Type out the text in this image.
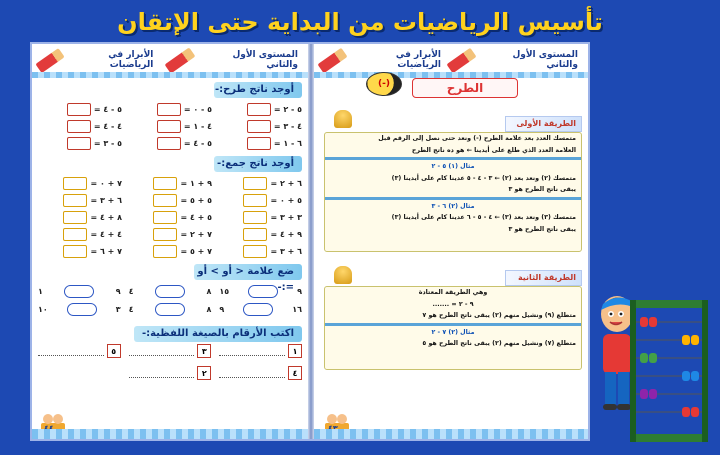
تأسيس الرياضيات من البداية حتى الإتقان
المستوى الأول والثاني
الأبرار في الرياضيات
أوجد ناتج طرح:-
٥ - ٢ =
٥ - ٠ =
٥ - ٤ =
٤ - ٣ =
٤ - ١ =
٤ - ٤ =
٦ - ١ =
٥ - ٤ =
٥ - ٣ =
أوجد ناتج جمع:-
٦ + ٢ =
٩ + ١ =
٧ + ٠ =
٥ + ٠ =
٥ + ٥ =
٦ + ٣ =
٣ + ٣ =
٥ + ٤ =
٨ + ٤ =
٩ + ٤ =
٧ + ٢ =
٤ + ٤ =
٦ + ٣ =
٧ + ٥ =
٧ + ٦ =
ضع علامة < أو > أو =:- ٩
١٥
٨
٤
٩
١
١٦
٩
٨
٤
٣
١٠
اكتب الأرقام بالصيغة اللفظية:-
١
٣
٥
٤
٢
المستوى الأول والثاني
الأبرار في الرياضيات
(-)	الطرح
الطريقة الأولى
متمسك العدد بعد علامة الطرح (-) ونعد حتى نصل إلى الرقم قبل
العلامة العدد الذي طلع على أيدينا ← هو ده ناتج الطرح
مثال (١) ٥ - ٢
متمسك (٢) ونعد بعد (٢) ← ٣ - ٤ - ٥ عدينا كام على أيدينا (٣)
يبقى ناتج الطرح هو ٣
مثال (٢) ٦ - ٣
متمسك (٣) ونعد بعد (٣) ← ٤ - ٥ - ٦ عدينا كام على أيدينا (٣)
يبقى ناتج الطرح هو ٣
الطريقة الثانية
وهي الطريقة المعتادة
٩ - ٢ = .......
متطلع (٩) ونشيل منهم (٢) يبقى ناتج الطرح هو ٧
مثال (٢) ٧ - ٢
متطلع (٧) ونشيل منهم (٢) يبقى ناتج الطرح هو ٥
